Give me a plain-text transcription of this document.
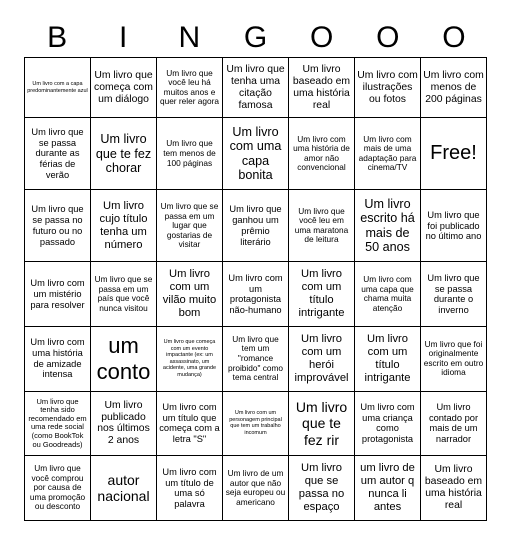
B	I	N	G	O	O	O
Um livro com a capa predominantemente azul	Um livro que começa com um diálogo	Um livro que você leu há muitos anos e quer reler agora	Um livro que tenha uma citação famosa	Um livro baseado em uma história real	Um livro com ilustrações ou fotos	Um livro com menos de 200 páginas
Um livro que se passa durante as férias de verão	Um livro que te fez chorar	Um livro que tem menos de 100 páginas	Um livro com uma capa bonita	Um livro com uma história de amor não convencional	Um livro com mais de uma adaptação para cinema/TV	Free!
Um livro que se passa no futuro ou no passado	Um livro cujo título tenha um número	Um livro que se passa em um lugar que gostarias de visitar	Um livro que ganhou um prêmio literário	Um livro que você leu em uma maratona de leitura	Um livro escrito há mais de 50 anos	Um livro que foi publicado no último ano
Um livro com um mistério para resolver	Um livro que se passa em um país que você nunca visitou	Um livro com um vilão muito bom	Um livro com um protagonista não-humano	Um livro com um título intrigante	Um livro com uma capa que chama muita atenção	Um livro que se passa durante o inverno
Um livro com uma história de amizade intensa	um conto	Um livro que começa com um evento impactante (ex: um assassinato, um acidente, uma grande mudança)	Um livro que tem um "romance proibido" como tema central	Um livro com um herói improvável	Um livro com um título intrigante	Um livro que foi originalmente escrito em outro idioma
Um livro que tenha sido recomendado em uma rede social (como BookTok ou Goodreads)	Um livro publicado nos últimos 2 anos	Um livro com um título que começa com a letra "S"	Um livro com um personagem principal que tem um trabalho incomum	Um livro que te fez rir	Um livro com uma criança como protagonista	Um livro contado por mais de um narrador
Um livro que você comprou por causa de uma promoção ou desconto	autor nacional	Um livro com um título de uma só palavra	Um livro de um autor que não seja europeu ou americano	Um livro que se passa no espaço	um livro de um autor q nunca li antes	Um livro baseado em uma história real
